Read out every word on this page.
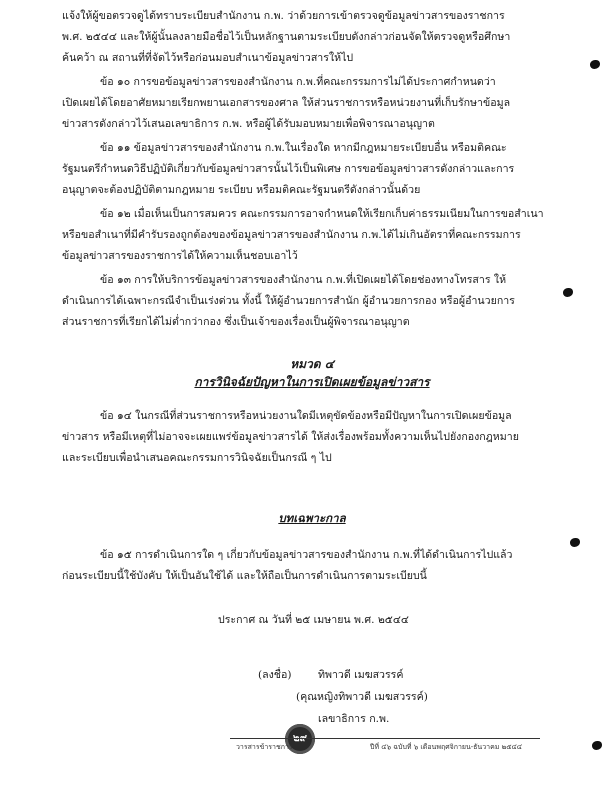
แจ้งให้ผู้ขอตรวจดูได้ทราบระเบียบสำนักงาน ก.พ. ว่าด้วยการเข้าตรวจดูข้อมูลข่าวสารของราชการ
พ.ศ. ๒๕๔๔ และให้ผู้นั้นลงลายมือชื่อไว้เป็นหลักฐานตามระเบียบดังกล่าวก่อนจัดให้ตรวจดูหรือศึกษา
ค้นคว้า ณ สถานที่ที่จัดไว้หรือก่อนมอบสำเนาข้อมูลข่าวสารให้ไป

ข้อ ๑๐ การขอข้อมูลข่าวสารของสำนักงาน ก.พ.ที่คณะกรรมการไม่ได้ประกาศกำหนดว่า
เปิดเผยได้โดยอาศัยหมายเรียกพยานเอกสารของศาล ให้ส่วนราชการหรือหน่วยงานที่เก็บรักษาข้อมูล
ข่าวสารดังกล่าวไว้เสนอเลขาธิการ ก.พ. หรือผู้ได้รับมอบหมายเพื่อพิจารณาอนุญาต

ข้อ ๑๑ ข้อมูลข่าวสารของสำนักงาน ก.พ.ในเรื่องใด หากมีกฎหมายระเบียบอื่น หรือมติคณะ
รัฐมนตรีกำหนดวิธีปฏิบัติเกี่ยวกับข้อมูลข่าวสารนั้นไว้เป็นพิเศษ การขอข้อมูลข่าวสารดังกล่าวและการ
อนุญาตจะต้องปฏิบัติตามกฎหมาย ระเบียบ หรือมติคณะรัฐมนตรีดังกล่าวนั้นด้วย

ข้อ ๑๒ เมื่อเห็นเป็นการสมควร คณะกรรมการอาจกำหนดให้เรียกเก็บค่าธรรมเนียมในการขอสำเนา
หรือขอสำเนาที่มีคำรับรองถูกต้องของข้อมูลข่าวสารของสำนักงาน ก.พ.ได้ไม่เกินอัตราที่คณะกรรมการ
ข้อมูลข่าวสารของราชการได้ให้ความเห็นชอบเอาไว้

ข้อ ๑๓ การให้บริการข้อมูลข่าวสารของสำนักงาน ก.พ.ที่เปิดเผยได้โดยช่องทางโทรสาร ให้
ดำเนินการได้เฉพาะกรณีจำเป็นเร่งด่วน ทั้งนี้ ให้ผู้อำนวยการสำนัก ผู้อำนวยการกอง หรือผู้อำนวยการ
ส่วนราชการที่เรียกได้ไม่ต่ำกว่ากอง ซึ่งเป็นเจ้าของเรื่องเป็นผู้พิจารณาอนุญาต

หมวด ๔

การวินิจฉัยปัญหาในการเปิดเผยข้อมูลข่าวสาร

ข้อ ๑๔ ในกรณีที่ส่วนราชการหรือหน่วยงานใดมีเหตุขัดข้องหรือมีปัญหาในการเปิดเผยข้อมูล
ข่าวสาร หรือมีเหตุที่ไม่อาจจะเผยแพร่ข้อมูลข่าวสารได้ ให้ส่งเรื่องพร้อมทั้งความเห็นไปยังกองกฎหมาย
และระเบียบเพื่อนำเสนอคณะกรรมการวินิจฉัยเป็นกรณี ๆ ไป

บทเฉพาะกาล

ข้อ ๑๕ การดำเนินการใด ๆ เกี่ยวกับข้อมูลข่าวสารของสำนักงาน ก.พ.ที่ได้ดำเนินการไปแล้ว
ก่อนระเบียบนี้ใช้บังคับ ให้เป็นอันใช้ได้ และให้ถือเป็นการดำเนินการตามระเบียบนี้

ประกาศ ณ วันที่ ๒๕ เมษายน พ.ศ. ๒๕๔๔
(ลงชื่อ)	ทิพาวดี เมฆสวรรค์
(คุณหญิงทิพาวดี เมฆสวรรค์)
เลขาธิการ ก.พ.
๒๙
วารสารข้าราชการ	ปีที่ ๔๖ ฉบับที่ ๖ เดือนพฤศจิกายน-ธันวาคม ๒๕๔๔
